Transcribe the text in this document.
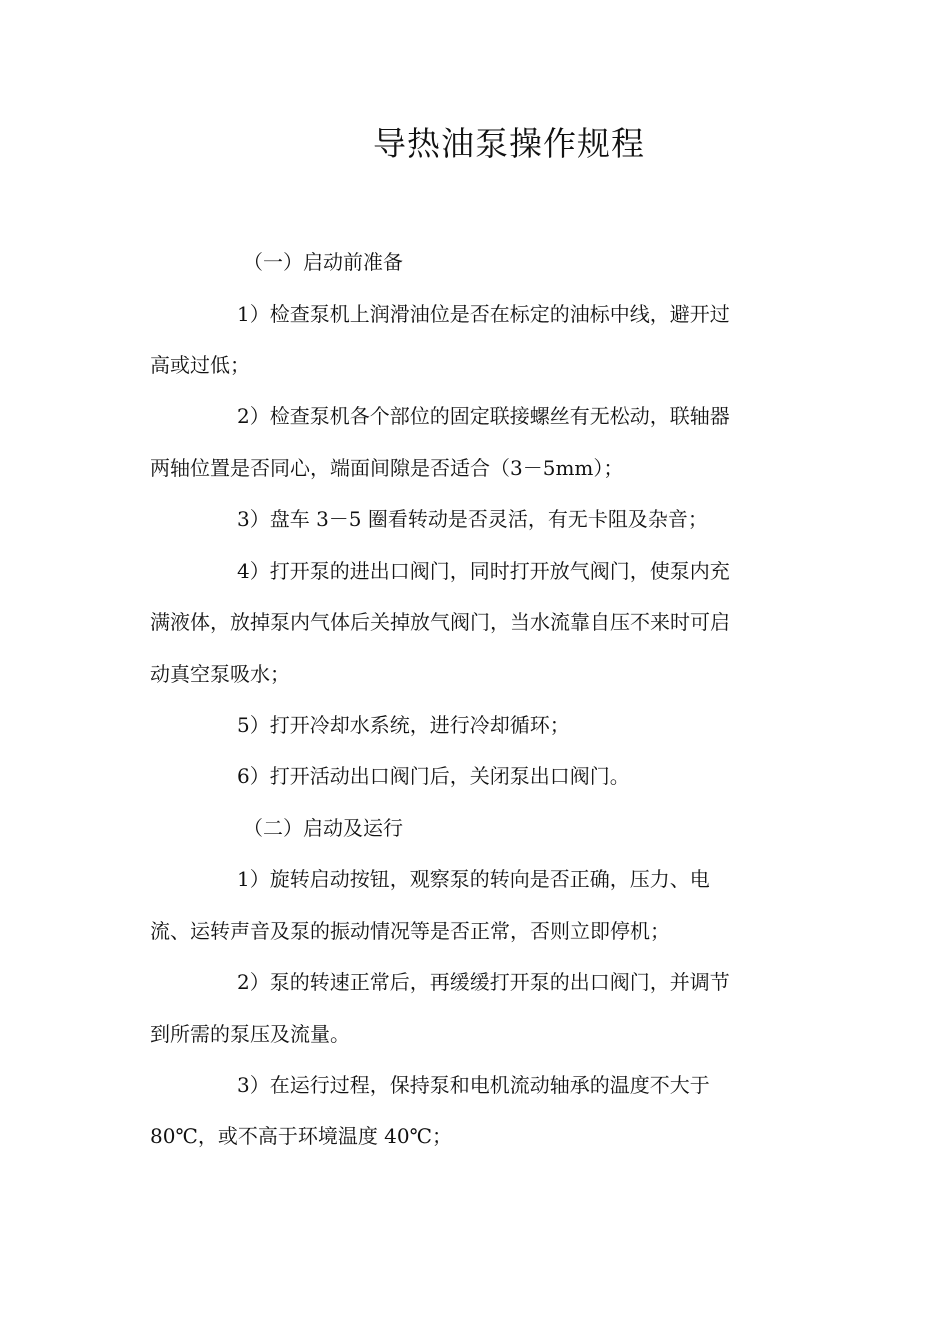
导热油泵操作规程

（一）启动前准备

1）检查泵机上润滑油位是否在标定的油标中线，避开过

高或过低；

2）检查泵机各个部位的固定联接螺丝有无松动，联轴器

两轴位置是否同心，端面间隙是否适合（3－5mm）；

3）盘车 3－5 圈看转动是否灵活，有无卡阻及杂音；

4）打开泵的进出口阀门，同时打开放气阀门，使泵内充

满液体，放掉泵内气体后关掉放气阀门，当水流靠自压不来时可启

动真空泵吸水；

5）打开冷却水系统，进行冷却循环；

6）打开活动出口阀门后，关闭泵出口阀门。

（二）启动及运行

1）旋转启动按钮，观察泵的转向是否正确，压力、电

流、运转声音及泵的振动情况等是否正常，否则立即停机；

2）泵的转速正常后，再缓缓打开泵的出口阀门，并调节

到所需的泵压及流量。

3）在运行过程，保持泵和电机流动轴承的温度不大于

80℃，或不高于环境温度 40℃；
